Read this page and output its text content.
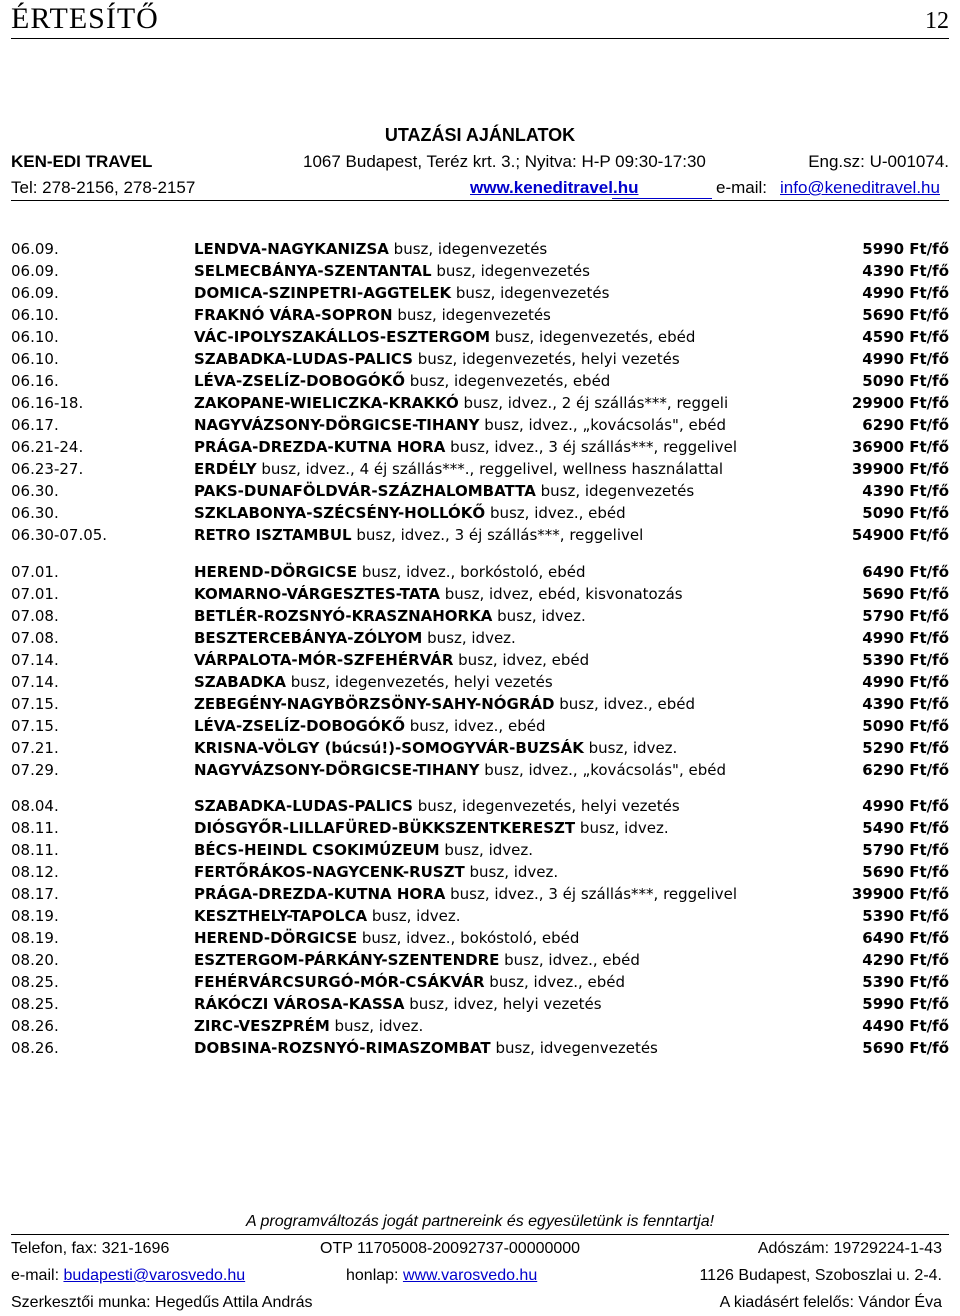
ÉRTESÍTŐ	12
UTAZÁSI AJÁNLATOK
KEN-EDI TRAVEL	1067 Budapest, Teréz krt. 3.; Nyitva: H-P 09:30-17:30	Eng.sz: U-001074.
Tel: 278-2156, 278-2157	www.keneditravel.hu	e-mail: info@keneditravel.hu
06.09.	LENDVA-NAGYKANIZSA busz, idegenvezetés	5990 Ft/fő
06.09.	SELMECBÁNYA-SZENTANTAL busz, idegenvezetés	4390 Ft/fő
06.09.	DOMICA-SZINPETRI-AGGTELEK busz, idegenvezetés	4990 Ft/fő
06.10.	FRAKNÓ VÁRA-SOPRON busz, idegenvezetés	5690 Ft/fő
06.10.	VÁC-IPOLYSZAKÁLLOS-ESZTERGOM busz, idegenvezetés, ebéd	4590 Ft/fő
06.10.	SZABADKA-LUDAS-PALICS busz, idegenvezetés, helyi vezetés	4990 Ft/fő
06.16.	LÉVA-ZSELÍZ-DOBOGÓKŐ busz, idegenvezetés, ebéd	5090 Ft/fő
06.16-18.	ZAKOPANE-WIELICZKA-KRAKKÓ busz, idvez., 2 éj szállás***, reggeli	29900 Ft/fő
06.17.	NAGYVÁZSONY-DÖRGICSE-TIHANY busz, idvez., „kovácsolás", ebéd	6290 Ft/fő
06.21-24.	PRÁGA-DREZDA-KUTNA HORA busz, idvez., 3 éj szállás***, reggelivel	36900 Ft/fő
06.23-27.	ERDÉLY busz, idvez., 4 éj szállás***., reggelivel, wellness használattal	39900 Ft/fő
06.30.	PAKS-DUNAFÖLDVÁR-SZÁZHALOMBATTA busz, idegenvezetés	4390 Ft/fő
06.30.	SZKLABONYA-SZÉCSÉNY-HOLLÓKŐ busz, idvez., ebéd	5090 Ft/fő
06.30-07.05.	RETRO ISZTAMBUL busz, idvez., 3 éj szállás***, reggelivel	54900 Ft/fő
07.01.	HEREND-DÖRGICSE busz, idvez., borkóstoló, ebéd	6490 Ft/fő
07.01.	KOMARNO-VÁRGESZTES-TATA busz, idvez, ebéd, kisvonatozás	5690 Ft/fő
07.08.	BETLÉR-ROZSNYÓ-KRASZNAHORKA busz, idvez.	5790 Ft/fő
07.08.	BESZTERCEBÁNYA-ZÓLYOM busz, idvez.	4990 Ft/fő
07.14.	VÁRPALOTA-MÓR-SZFEHÉRVÁR busz, idvez, ebéd	5390 Ft/fő
07.14.	SZABADKA busz, idegenvezetés, helyi vezetés	4990 Ft/fő
07.15.	ZEBEGÉNY-NAGYBÖRZSÖNY-SAHY-NÓGRÁD busz, idvez., ebéd	4390 Ft/fő
07.15.	LÉVA-ZSELÍZ-DOBOGÓKŐ busz, idvez., ebéd	5090 Ft/fő
07.21.	KRISNA-VÖLGY (búcsú!)-SOMOGYVÁR-BUZSÁK busz, idvez.	5290 Ft/fő
07.29.	NAGYVÁZSONY-DÖRGICSE-TIHANY busz, idvez., „kovácsolás", ebéd	6290 Ft/fő
08.04.	SZABADKA-LUDAS-PALICS busz, idegenvezetés, helyi vezetés	4990 Ft/fő
08.11.	DIÓSGYŐR-LILLAFÜRED-BÜKKSZENTKERESZT busz, idvez.	5490 Ft/fő
08.11.	BÉCS-HEINDL CSOKIMÚZEUM busz, idvez.	5790 Ft/fő
08.12.	FERTŐRÁKOS-NAGYCENK-RUSZT busz, idvez.	5690 Ft/fő
08.17.	PRÁGA-DREZDA-KUTNA HORA busz, idvez., 3 éj szállás***, reggelivel	39900 Ft/fő
08.19.	KESZTHELY-TAPOLCA busz, idvez.	5390 Ft/fő
08.19.	HEREND-DÖRGICSE busz, idvez., bokóstoló, ebéd	6490 Ft/fő
08.20.	ESZTERGOM-PÁRKÁNY-SZENTENDRE busz, idvez., ebéd	4290 Ft/fő
08.25.	FEHÉRVÁRCSURGÓ-MÓR-CSÁKVÁR busz, idvez., ebéd	5390 Ft/fő
08.25.	RÁKÓCZI VÁROSA-KASSA busz, idvez, helyi vezetés	5990 Ft/fő
08.26.	ZIRC-VESZPRÉM busz, idvez.	4490 Ft/fő
08.26.	DOBSINA-ROZSNYÓ-RIMASZOMBAT busz, idvegenvezetés	5690 Ft/fő
A programváltozás jogát partnereink és egyesületünk is fenntartja!
Telefon, fax: 321-1696	OTP 11705008-20092737-00000000	Adószám: 19729224-1-43
e-mail: budapesti@varosvedo.hu	honlap: www.varosvedo.hu	1126 Budapest, Szoboszlai u. 2-4.
Szerkesztői munka: Hegedűs Attila András	A kiadásért felelős: Vándor Éva
